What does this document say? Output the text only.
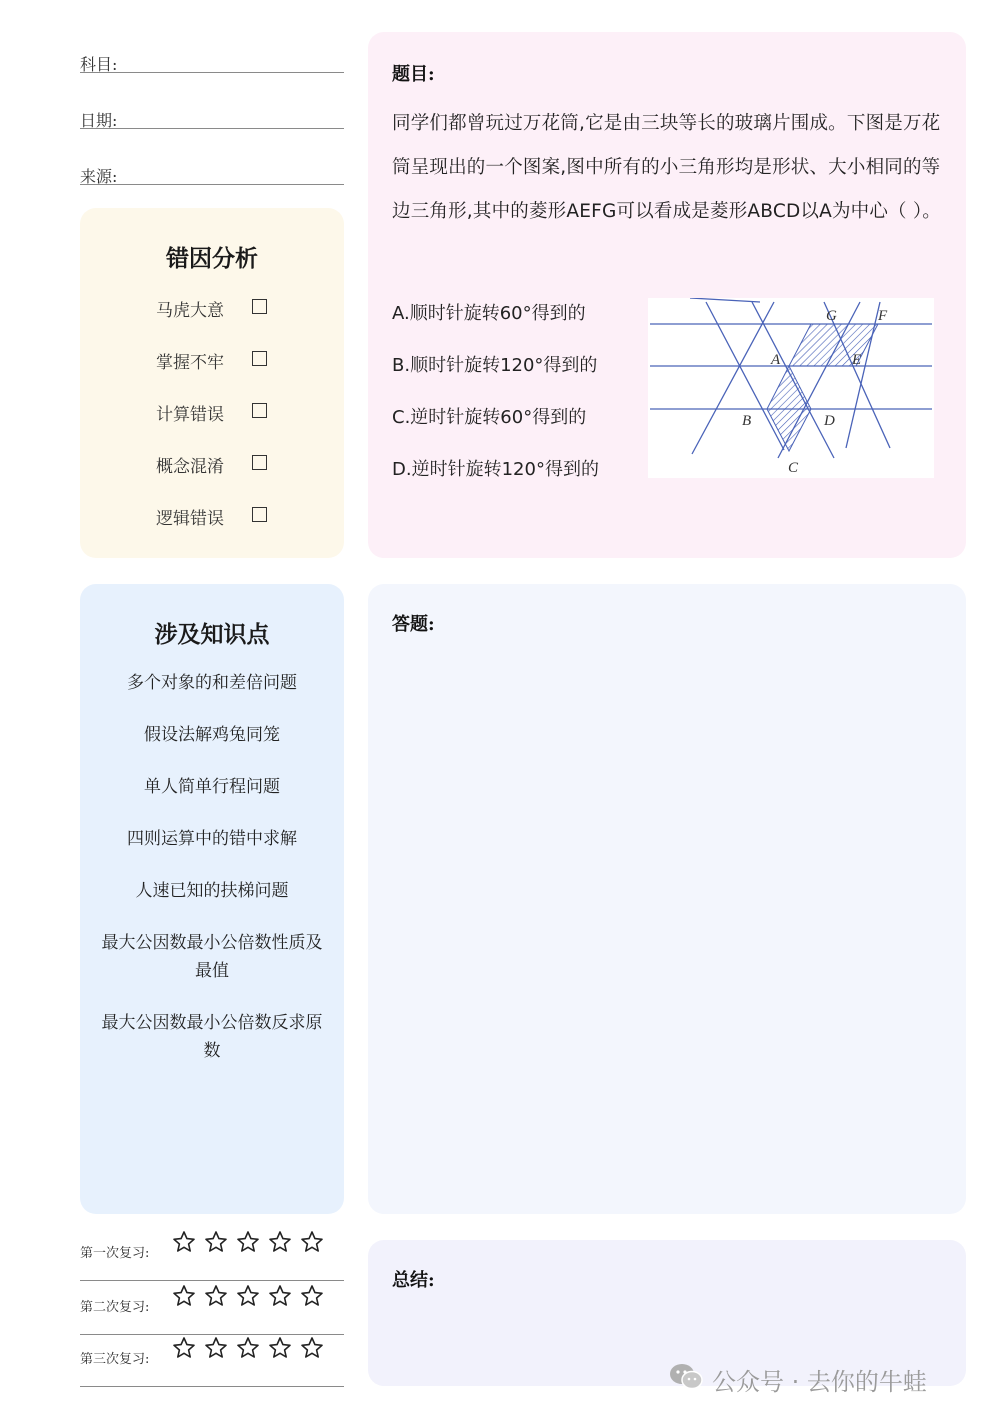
科目:
日期:
来源:
错因分析
马虎大意
掌握不牢
计算错误
概念混淆
逻辑错误
题目:
同学们都曾玩过万花筒,它是由三块等长的玻璃片围成。下图是万花筒呈现出的一个图案,图中所有的小三角形均是形状、大小相同的等边三角形,其中的菱形AEFG可以看成是菱形ABCD以A为中心（ ）。
A.顺时针旋转60°得到的
B.顺时针旋转120°得到的
C.逆时针旋转60°得到的
D.逆时针旋转120°得到的
G	F
A	E
B	D
C
涉及知识点
多个对象的和差倍问题
假设法解鸡兔同笼
单人简单行程问题
四则运算中的错中求解
人速已知的扶梯问题
最大公因数最小公倍数性质及最值
最大公因数最小公倍数反求原数
答题:
第一次复习:
第二次复习:
第三次复习:
总结:
公众号 · 去你的牛蛙
